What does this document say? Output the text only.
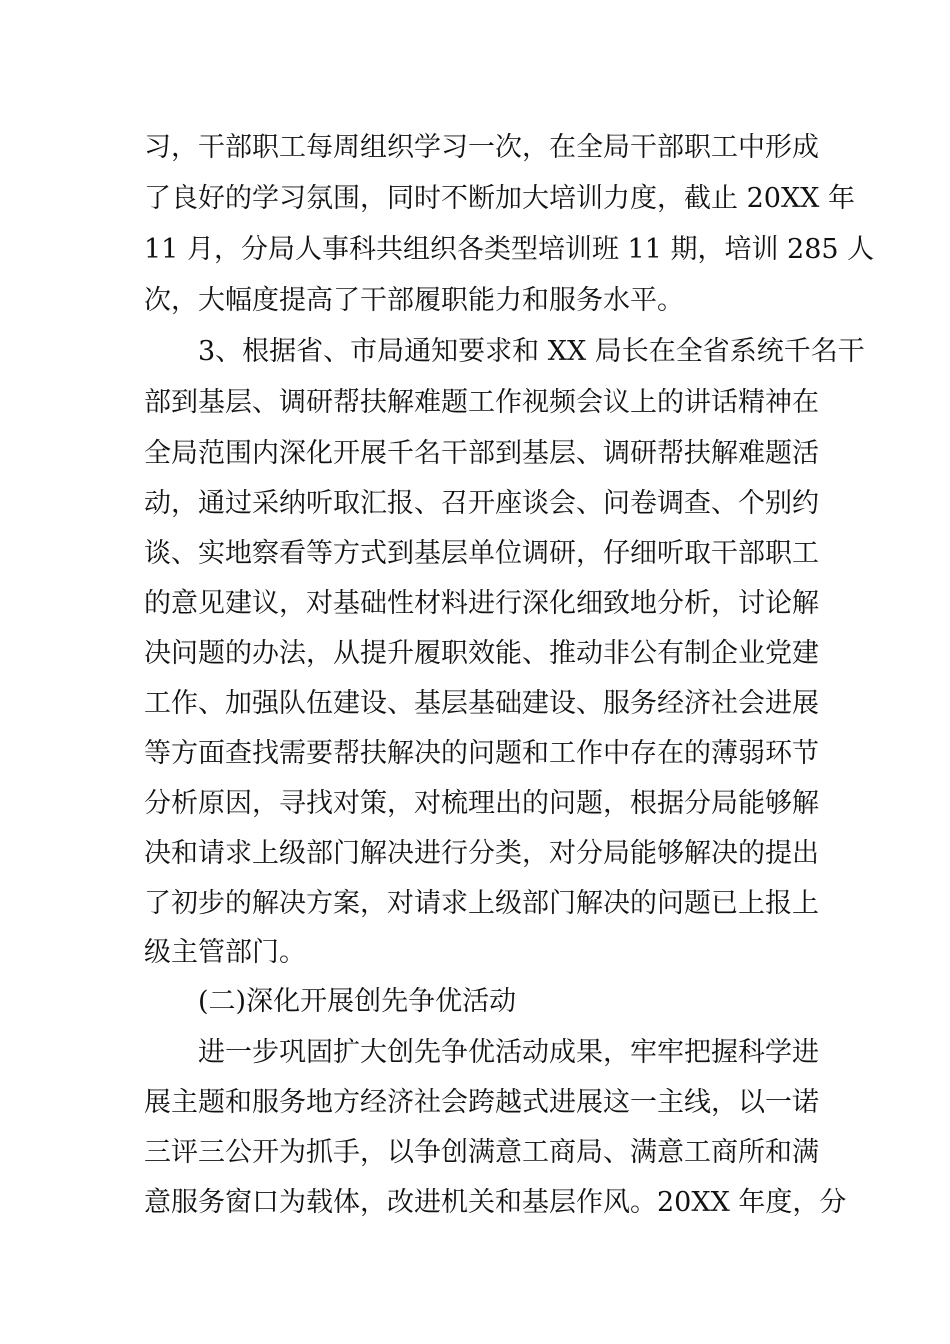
习，干部职工每周组织学习一次，在全局干部职工中形成

了良好的学习氛围，同时不断加大培训力度，截止 20XX 年

11 月，分局人事科共组织各类型培训班 11 期，培训 285 人

次，大幅度提高了干部履职能力和服务水平。

3、根据省、市局通知要求和 XX 局长在全省系统千名干

部到基层、调研帮扶解难题工作视频会议上的讲话精神在

全局范围内深化开展千名干部到基层、调研帮扶解难题活

动，通过采纳听取汇报、召开座谈会、问卷调查、个别约

谈、实地察看等方式到基层单位调研，仔细听取干部职工

的意见建议，对基础性材料进行深化细致地分析，讨论解

决问题的办法，从提升履职效能、推动非公有制企业党建

工作、加强队伍建设、基层基础建设、服务经济社会进展

等方面查找需要帮扶解决的问题和工作中存在的薄弱环节

分析原因，寻找对策，对梳理出的问题，根据分局能够解

决和请求上级部门解决进行分类，对分局能够解决的提出

了初步的解决方案，对请求上级部门解决的问题已上报上

级主管部门。

(二)深化开展创先争优活动

进一步巩固扩大创先争优活动成果，牢牢把握科学进

展主题和服务地方经济社会跨越式进展这一主线，以一诺

三评三公开为抓手，以争创满意工商局、满意工商所和满

意服务窗口为载体，改进机关和基层作风。20XX 年度，分
